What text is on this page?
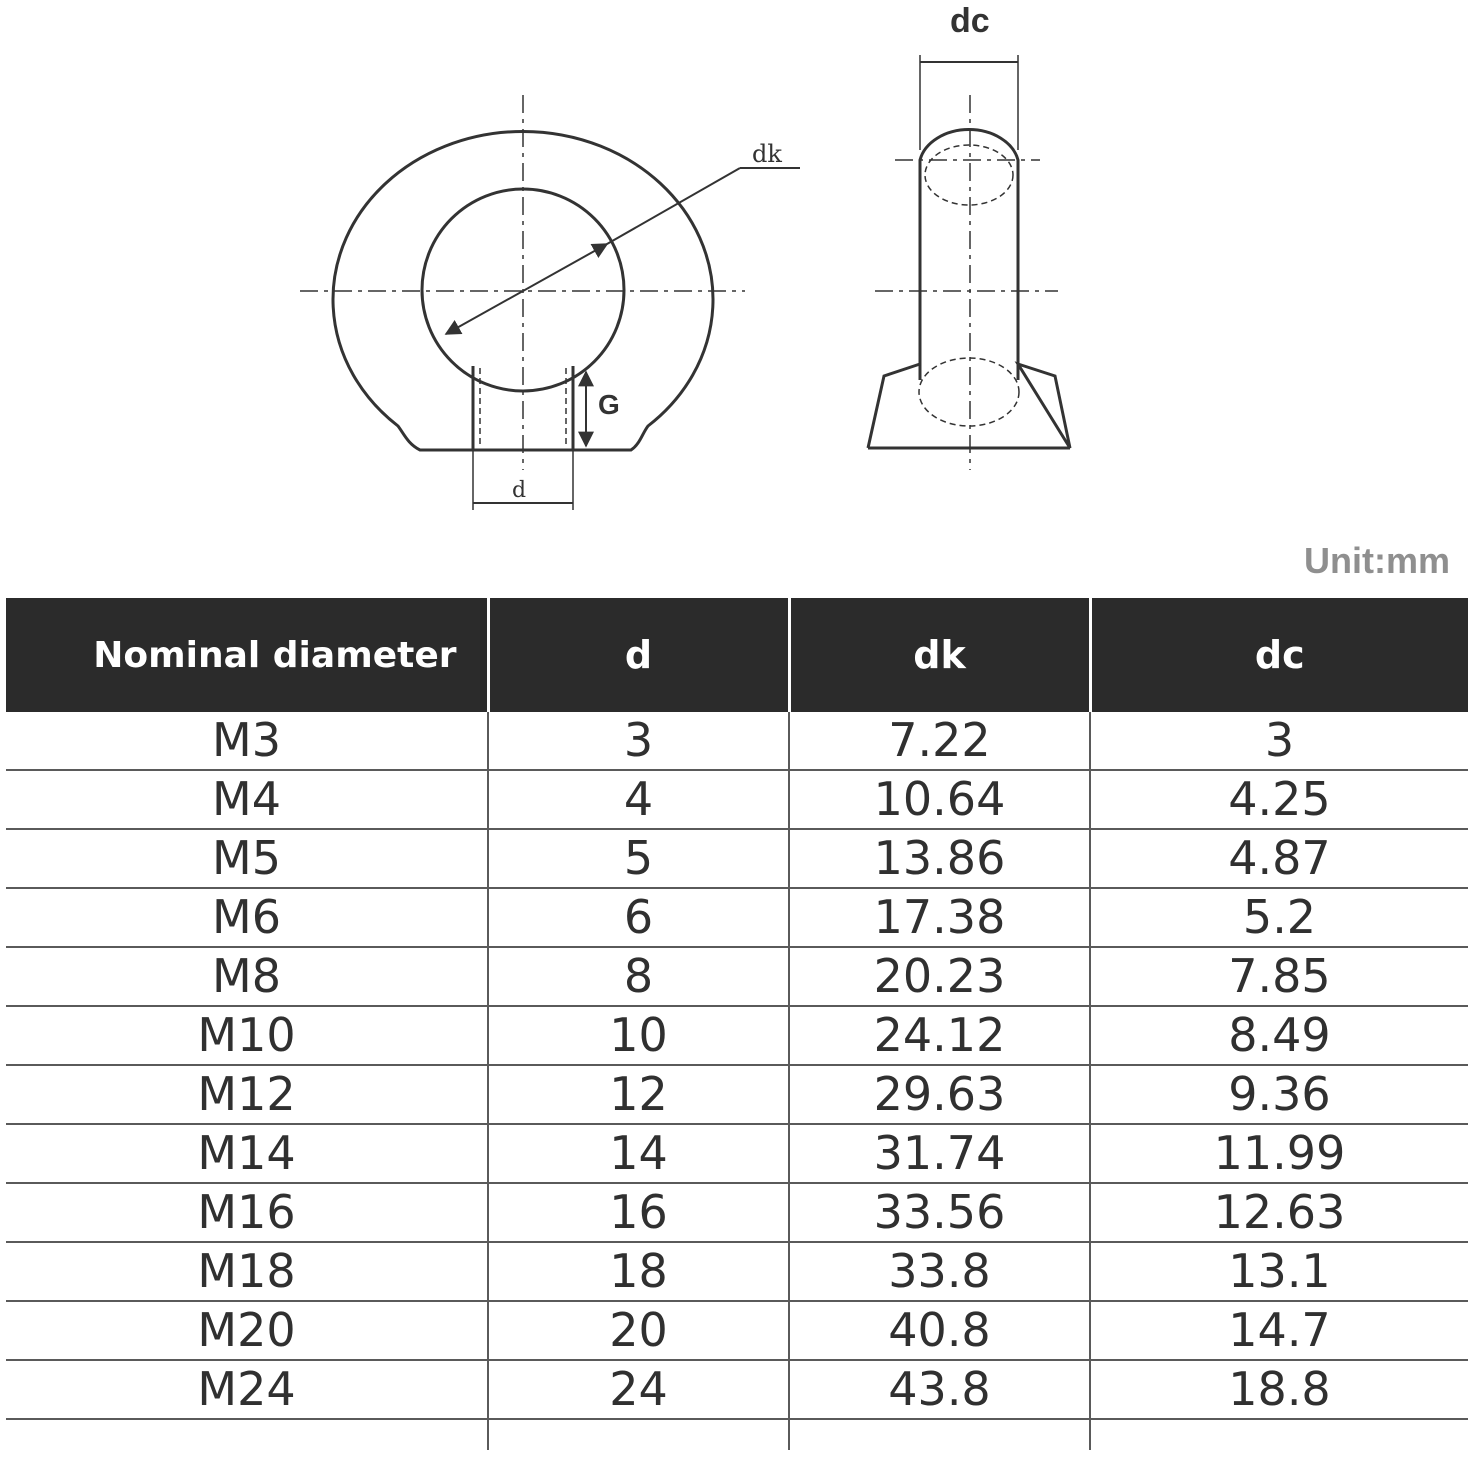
dk
G
d
dc
Unit:mm
Nominal diameter	d	dk	dc
M3	3	7.22	3
M4	4	10.64	4.25
M5	5	13.86	4.87
M6	6	17.38	5.2
M8	8	20.23	7.85
M10	10	24.12	8.49
M12	12	29.63	9.36
M14	14	31.74	11.99
M16	16	33.56	12.63
M18	18	33.8	13.1
M20	20	40.8	14.7
M24	24	43.8	18.8
